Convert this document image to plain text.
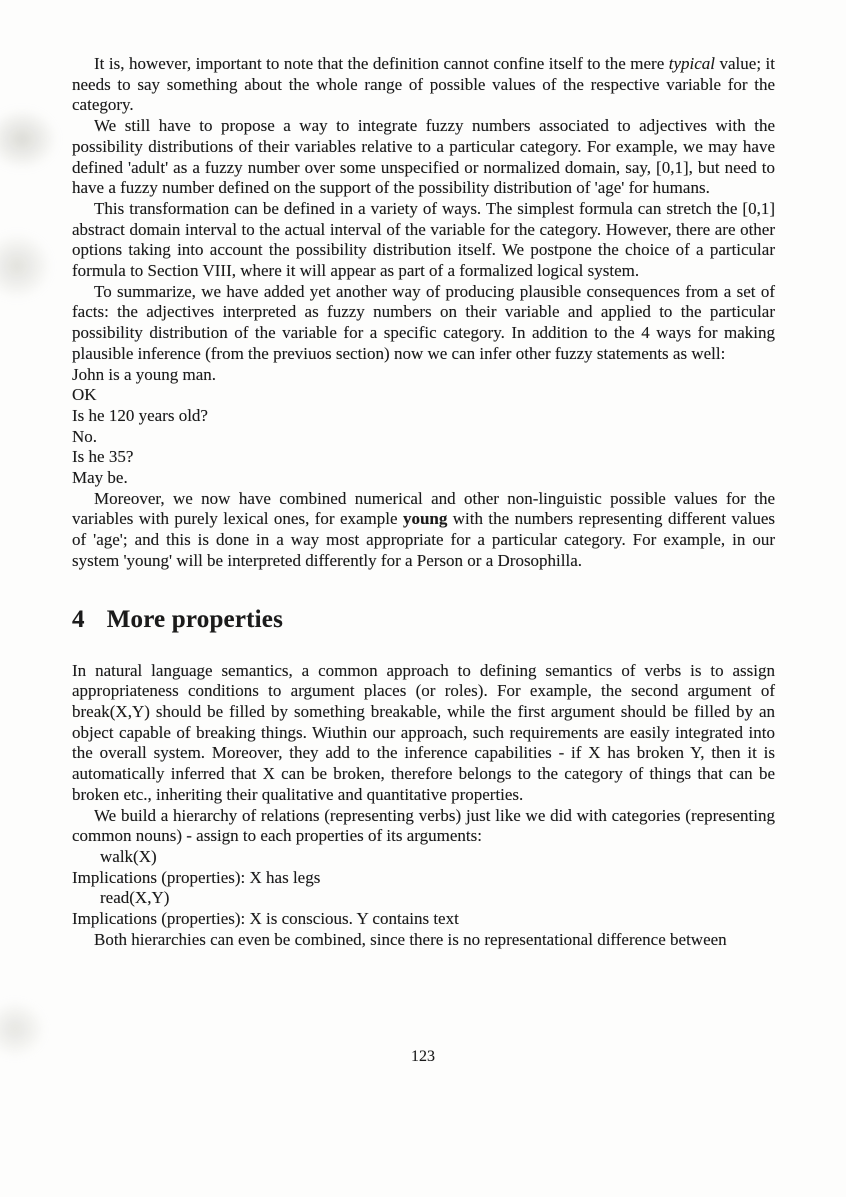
It is, however, important to note that the definition cannot confine itself to the mere typical value; it needs to say something about the whole range of possible values of the respective variable for the category.

We still have to propose a way to integrate fuzzy numbers associated to adjectives with the possibility distributions of their variables relative to a particular category. For example, we may have defined 'adult' as a fuzzy number over some unspecified or normalized domain, say, [0,1], but need to have a fuzzy number defined on the support of the possibility distribution of 'age' for humans.

This transformation can be defined in a variety of ways. The simplest formula can stretch the [0,1] abstract domain interval to the actual interval of the variable for the category. However, there are other options taking into account the possibility distribution itself. We postpone the choice of a particular formula to Section VIII, where it will appear as part of a formalized logical system.

To summarize, we have added yet another way of producing plausible consequences from a set of facts: the adjectives interpreted as fuzzy numbers on their variable and applied to the particular possibility distribution of the variable for a specific category. In addition to the 4 ways for making plausible inference (from the previuos section) now we can infer other fuzzy statements as well:

John is a young man.
OK
Is he 120 years old?
No.
Is he 35?
May be.

Moreover, we now have combined numerical and other non-linguistic possible values for the variables with purely lexical ones, for example young with the numbers representing different values of 'age'; and this is done in a way most appropriate for a particular category. For example, in our system 'young' will be interpreted differently for a Person or a Drosophilla.

4 More properties

In natural language semantics, a common approach to defining semantics of verbs is to assign appropriateness conditions to argument places (or roles). For example, the second argument of break(X,Y) should be filled by something breakable, while the first argument should be filled by an object capable of breaking things. Wiuthin our approach, such requirements are easily integrated into the overall system. Moreover, they add to the inference capabilities - if X has broken Y, then it is automatically inferred that X can be broken, therefore belongs to the category of things that can be broken etc., inheriting their qualitative and quantitative properties.

We build a hierarchy of relations (representing verbs) just like we did with categories (representing common nouns) - assign to each properties of its arguments:

walk(X)
Implications (properties): X has legs
read(X,Y)
Implications (properties): X is conscious. Y contains text

Both hierarchies can even be combined, since there is no representational difference between

123
